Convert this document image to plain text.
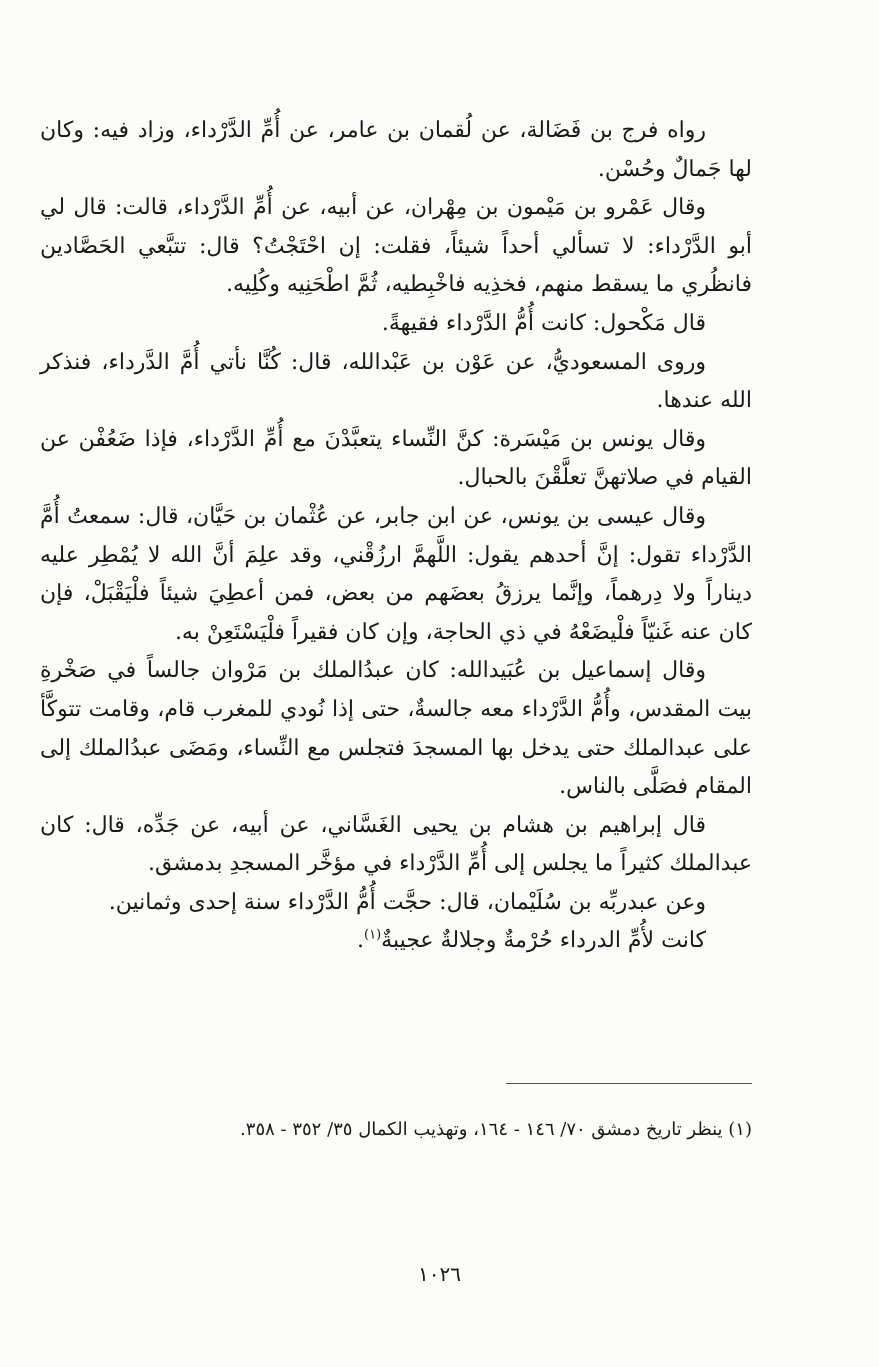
رواه فرج بن فَضَالة، عن لُقمان بن عامر، عن أُمِّ الدَّرْداء، وزاد فيه: وكان لها جَمالٌ وحُسْن.

وقال عَمْرو بن مَيْمون بن مِهْران، عن أبيه، عن أُمِّ الدَّرْداء، قالت: قال لي أبو الدَّرْداء: لا تسألي أحداً شيئاً، فقلت: إن احْتَجْتُ؟ قال: تتبَّعي الحَصَّادين فانظُري ما يسقط منهم، فخذِيه فاخْبِطيه، ثُمَّ اطْحَنِيه وكُلِيه.

قال مَكْحول: كانت أُمُّ الدَّرْداء فقيهةً.

وروى المسعوديُّ، عن عَوْن بن عَبْدالله، قال: كُنَّا نأتي أُمَّ الدَّرداء، فنذكر الله عندها.

وقال يونس بن مَيْسَرة: كنَّ النِّساء يتعبَّدْنَ مع أُمِّ الدَّرْداء، فإذا ضَعُفْن عن القيام في صلاتهنَّ تعلَّقْنَ بالحبال.

وقال عيسى بن يونس، عن ابن جابر، عن عُثْمان بن حَيَّان، قال: سمعتُ أُمَّ الدَّرْداء تقول: إنَّ أحدهم يقول: اللَّهمَّ ارزُقْني، وقد علِمَ أنَّ الله لا يُمْطِر عليه ديناراً ولا دِرهماً، وإنَّما يرزقُ بعضَهم من بعض، فمن أعطِيَ شيئاً فلْيَقْبَلْ، فإن كان عنه غَنيّاً فلْيضَعْهُ في ذي الحاجة، وإن كان فقيراً فلْيَسْتَعِنْ به.

وقال إسماعيل بن عُبَيدالله: كان عبدُالملك بن مَرْوان جالساً في صَخْرةِ بيت المقدس، وأُمُّ الدَّرْداء معه جالسةٌ، حتى إذا نُودي للمغرب قام، وقامت تتوكَّأ على عبدالملك حتى يدخل بها المسجدَ فتجلس مع النِّساء، ومَضَى عبدُالملك إلى المقام فصَلَّى بالناس.

قال إبراهيم بن هشام بن يحيى الغَسَّاني، عن أبيه، عن جَدِّه، قال: كان عبدالملك كثيراً ما يجلس إلى أُمِّ الدَّرْداء في مؤخَّر المسجدِ بدمشق.

وعن عبدربِّه بن سُلَيْمان، قال: حجَّت أُمُّ الدَّرْداء سنة إحدى وثمانين.

كانت لأُمِّ الدرداء حُرْمةٌ وجلالةٌ عجيبةٌ$^{(١)}$.

(١) ينظر تاريخ دمشق ٧٠/ ١٤٦ - ١٦٤، وتهذيب الكمال ٣٥/ ٣٥٢ - ٣٥٨.
١٠٢٦
